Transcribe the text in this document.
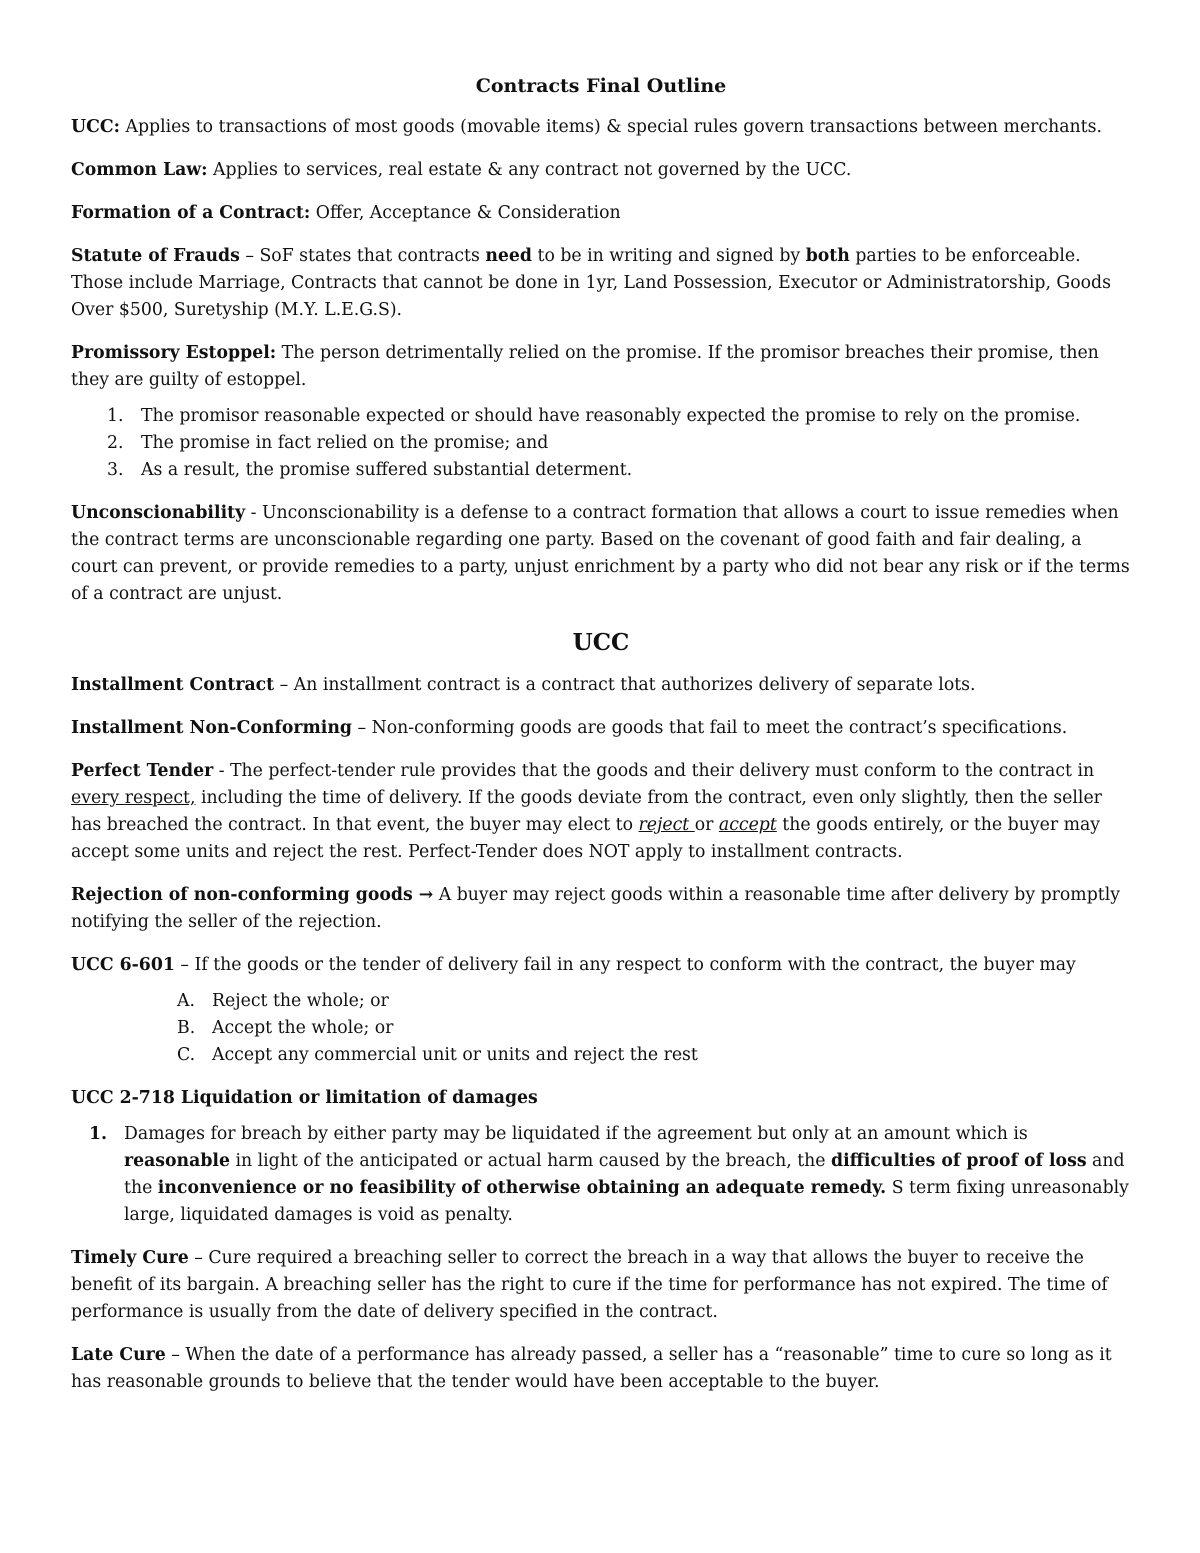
Contracts Final Outline

UCC: Applies to transactions of most goods (movable items) & special rules govern transactions between merchants.

Common Law: Applies to services, real estate & any contract not governed by the UCC.

Formation of a Contract: Offer, Acceptance & Consideration

Statute of Frauds – SoF states that contracts need to be in writing and signed by both parties to be enforceable. Those include Marriage, Contracts that cannot be done in 1yr, Land Possession, Executor or Administratorship, Goods Over $500, Suretyship (M.Y. L.E.G.S).

Promissory Estoppel: The person detrimentally relied on the promise. If the promisor breaches their promise, then they are guilty of estoppel.

1. The promisor reasonable expected or should have reasonably expected the promise to rely on the promise.
2. The promise in fact relied on the promise; and
3. As a result, the promise suffered substantial determent.

Unconscionability - Unconscionability is a defense to a contract formation that allows a court to issue remedies when the contract terms are unconscionable regarding one party. Based on the covenant of good faith and fair dealing, a court can prevent, or provide remedies to a party, unjust enrichment by a party who did not bear any risk or if the terms of a contract are unjust.

UCC

Installment Contract – An installment contract is a contract that authorizes delivery of separate lots.

Installment Non-Conforming – Non-conforming goods are goods that fail to meet the contract’s specifications.

Perfect Tender - The perfect-tender rule provides that the goods and their delivery must conform to the contract in every respect, including the time of delivery. If the goods deviate from the contract, even only slightly, then the seller has breached the contract. In that event, the buyer may elect to reject or accept the goods entirely, or the buyer may accept some units and reject the rest. Perfect-Tender does NOT apply to installment contracts.

Rejection of non-conforming goods → A buyer may reject goods within a reasonable time after delivery by promptly notifying the seller of the rejection.

UCC 6-601 – If the goods or the tender of delivery fail in any respect to conform with the contract, the buyer may

A. Reject the whole; or
B. Accept the whole; or
C. Accept any commercial unit or units and reject the rest

UCC 2-718 Liquidation or limitation of damages

1. Damages for breach by either party may be liquidated if the agreement but only at an amount which is reasonable in light of the anticipated or actual harm caused by the breach, the difficulties of proof of loss and the inconvenience or no feasibility of otherwise obtaining an adequate remedy. S term fixing unreasonably large, liquidated damages is void as penalty.

Timely Cure – Cure required a breaching seller to correct the breach in a way that allows the buyer to receive the benefit of its bargain. A breaching seller has the right to cure if the time for performance has not expired. The time of performance is usually from the date of delivery specified in the contract.

Late Cure – When the date of a performance has already passed, a seller has a “reasonable” time to cure so long as it has reasonable grounds to believe that the tender would have been acceptable to the buyer.
